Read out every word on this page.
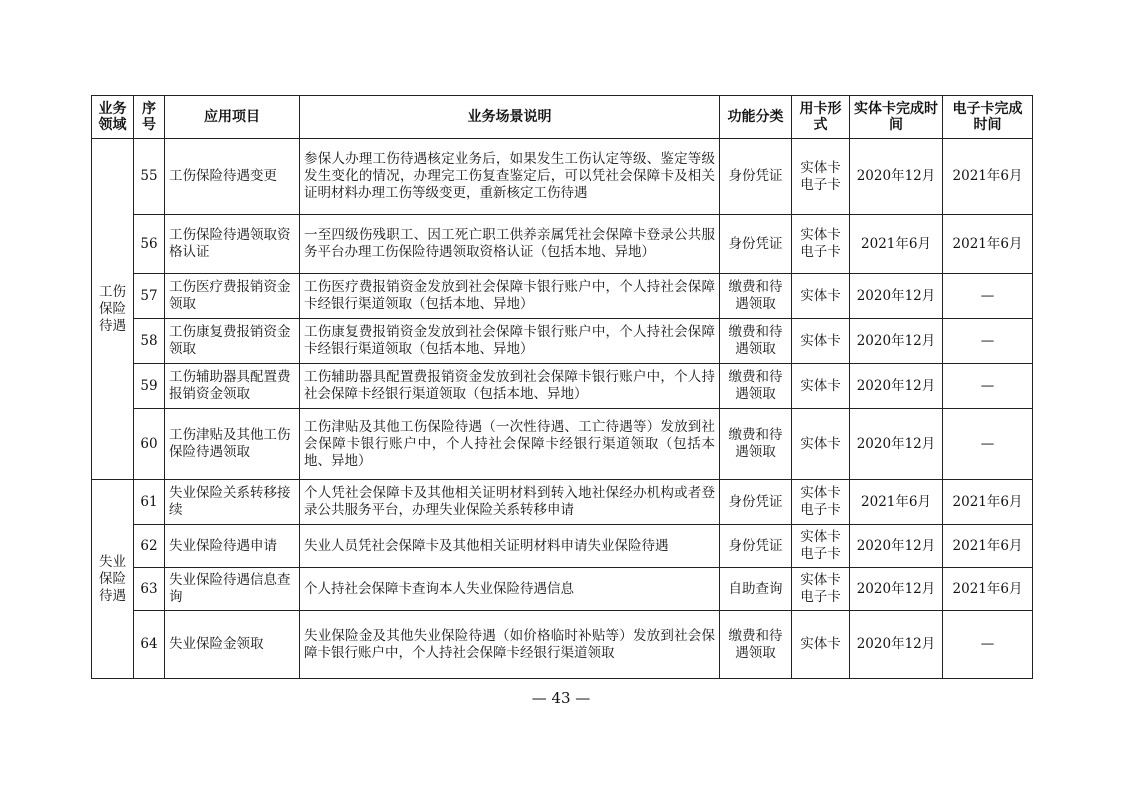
业务领域	序号	应用项目	业务场景说明	功能分类	用卡形式	实体卡完成时间	电子卡完成时间
工伤保险待遇	55	工伤保险待遇变更	参保人办理工伤待遇核定业务后，如果发生工伤认定等级、鉴定等级发生变化的情况，办理完工伤复查鉴定后，可以凭社会保障卡及相关证明材料办理工伤等级变更，重新核定工伤待遇	身份凭证	实体卡电子卡	2020年12月	2021年6月
	56	工伤保险待遇领取资格认证	一至四级伤残职工、因工死亡职工供养亲属凭社会保障卡登录公共服务平台办理工伤保险待遇领取资格认证（包括本地、异地）	身份凭证	实体卡电子卡	2021年6月	2021年6月
	57	工伤医疗费报销资金领取	工伤医疗费报销资金发放到社会保障卡银行账户中，个人持社会保障卡经银行渠道领取（包括本地、异地）	缴费和待遇领取	实体卡	2020年12月	—
	58	工伤康复费报销资金领取	工伤康复费报销资金发放到社会保障卡银行账户中，个人持社会保障卡经银行渠道领取（包括本地、异地）	缴费和待遇领取	实体卡	2020年12月	—
	59	工伤辅助器具配置费报销资金领取	工伤辅助器具配置费报销资金发放到社会保障卡银行账户中，个人持社会保障卡经银行渠道领取（包括本地、异地）	缴费和待遇领取	实体卡	2020年12月	—
	60	工伤津贴及其他工伤保险待遇领取	工伤津贴及其他工伤保险待遇（一次性待遇、工亡待遇等）发放到社会保障卡银行账户中，个人持社会保障卡经银行渠道领取（包括本地、异地）	缴费和待遇领取	实体卡	2020年12月	—
失业保险待遇	61	失业保险关系转移接续	个人凭社会保障卡及其他相关证明材料到转入地社保经办机构或者登录公共服务平台，办理失业保险关系转移申请	身份凭证	实体卡电子卡	2021年6月	2021年6月
	62	失业保险待遇申请	失业人员凭社会保障卡及其他相关证明材料申请失业保险待遇	身份凭证	实体卡电子卡	2020年12月	2021年6月
	63	失业保险待遇信息查询	个人持社会保障卡查询本人失业保险待遇信息	自助查询	实体卡电子卡	2020年12月	2021年6月
	64	失业保险金领取	失业保险金及其他失业保险待遇（如价格临时补贴等）发放到社会保障卡银行账户中，个人持社会保障卡经银行渠道领取	缴费和待遇领取	实体卡	2020年12月	—
— 43 —
